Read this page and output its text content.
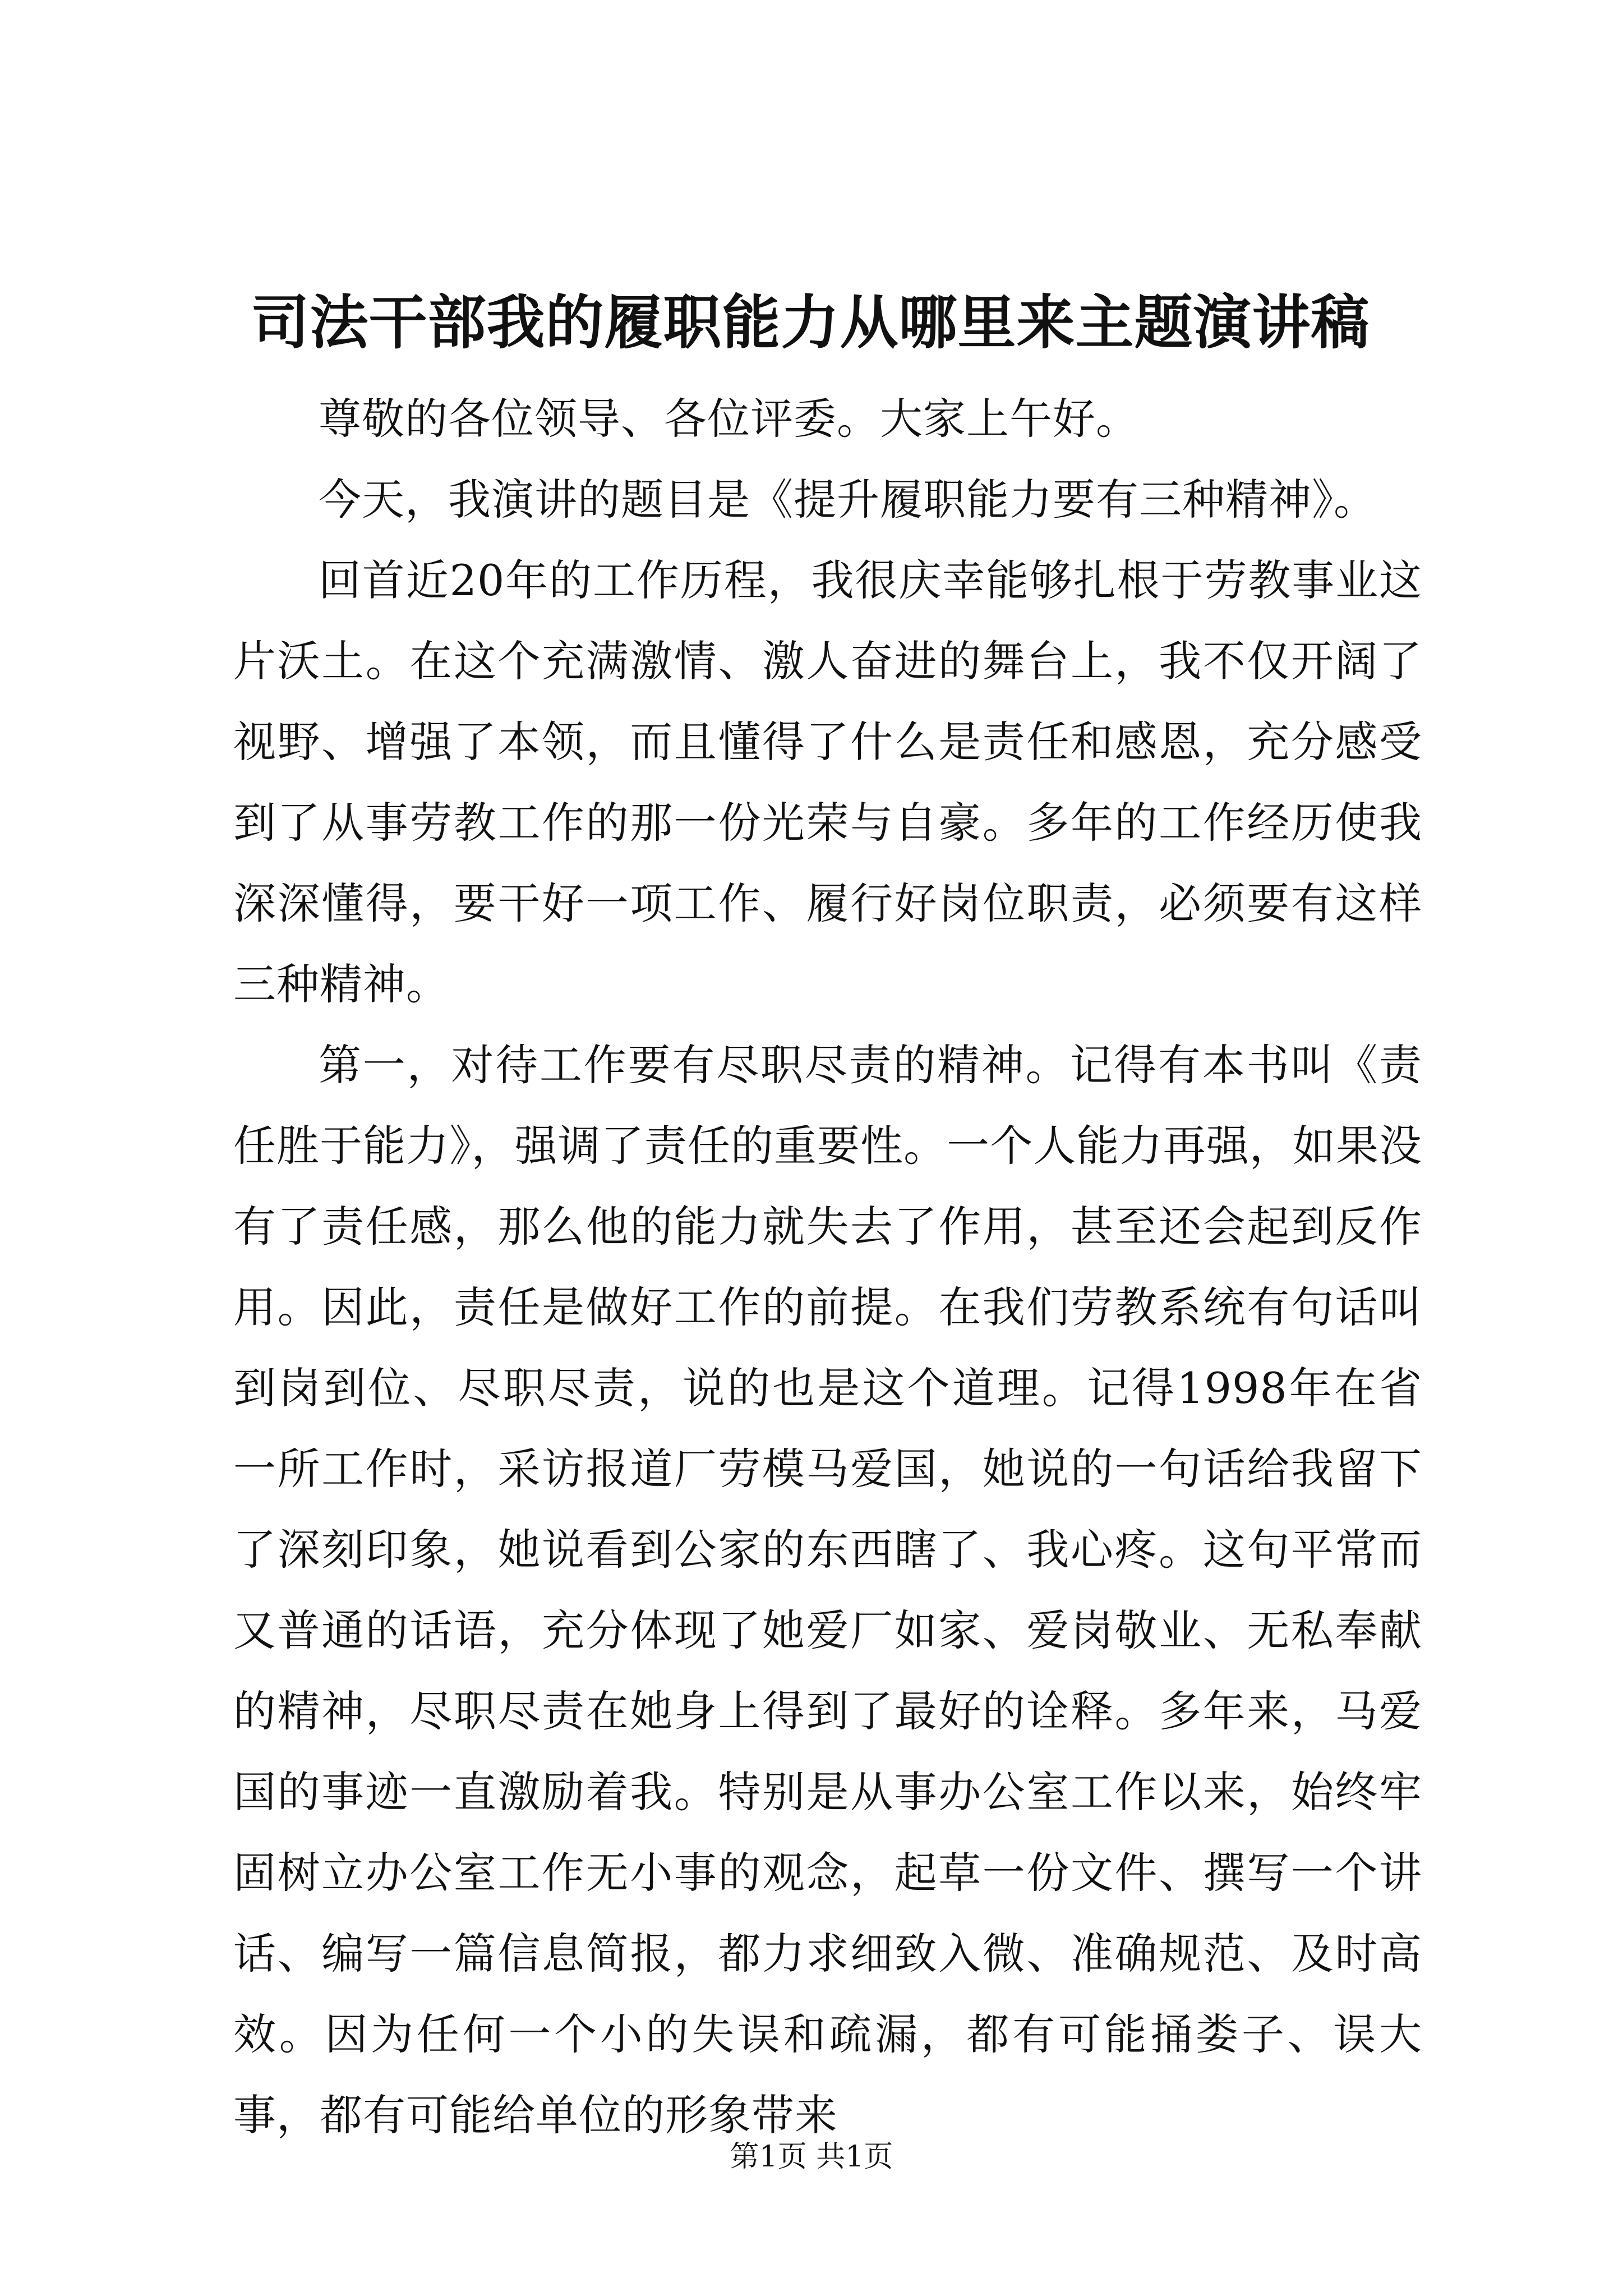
司法干部我的履职能力从哪里来主题演讲稿

尊敬的各位领导、各位评委。大家上午好。

今天，我演讲的题目是《提升履职能力要有三种精神》。

回首近20年的工作历程，我很庆幸能够扎根于劳教事业这片沃土。在这个充满激情、激人奋进的舞台上，我不仅开阔了视野、增强了本领，而且懂得了什么是责任和感恩，充分感受到了从事劳教工作的那一份光荣与自豪。多年的工作经历使我深深懂得，要干好一项工作、履行好岗位职责，必须要有这样三种精神。

第一，对待工作要有尽职尽责的精神。记得有本书叫《责任胜于能力》，强调了责任的重要性。一个人能力再强，如果没有了责任感，那么他的能力就失去了作用，甚至还会起到反作用。因此，责任是做好工作的前提。在我们劳教系统有句话叫到岗到位、尽职尽责，说的也是这个道理。记得1998年在省一所工作时，采访报道厂劳模马爱国，她说的一句话给我留下了深刻印象，她说看到公家的东西瞎了、我心疼。这句平常而又普通的话语，充分体现了她爱厂如家、爱岗敬业、无私奉献的精神，尽职尽责在她身上得到了最好的诠释。多年来，马爱国的事迹一直激励着我。特别是从事办公室工作以来，始终牢固树立办公室工作无小事的观念，起草一份文件、撰写一个讲话、编写一篇信息简报，都力求细致入微、准确规范、及时高效。因为任何一个小的失误和疏漏，都有可能捅娄子、误大事，都有可能给单位的形象带来

第1页 共1页
